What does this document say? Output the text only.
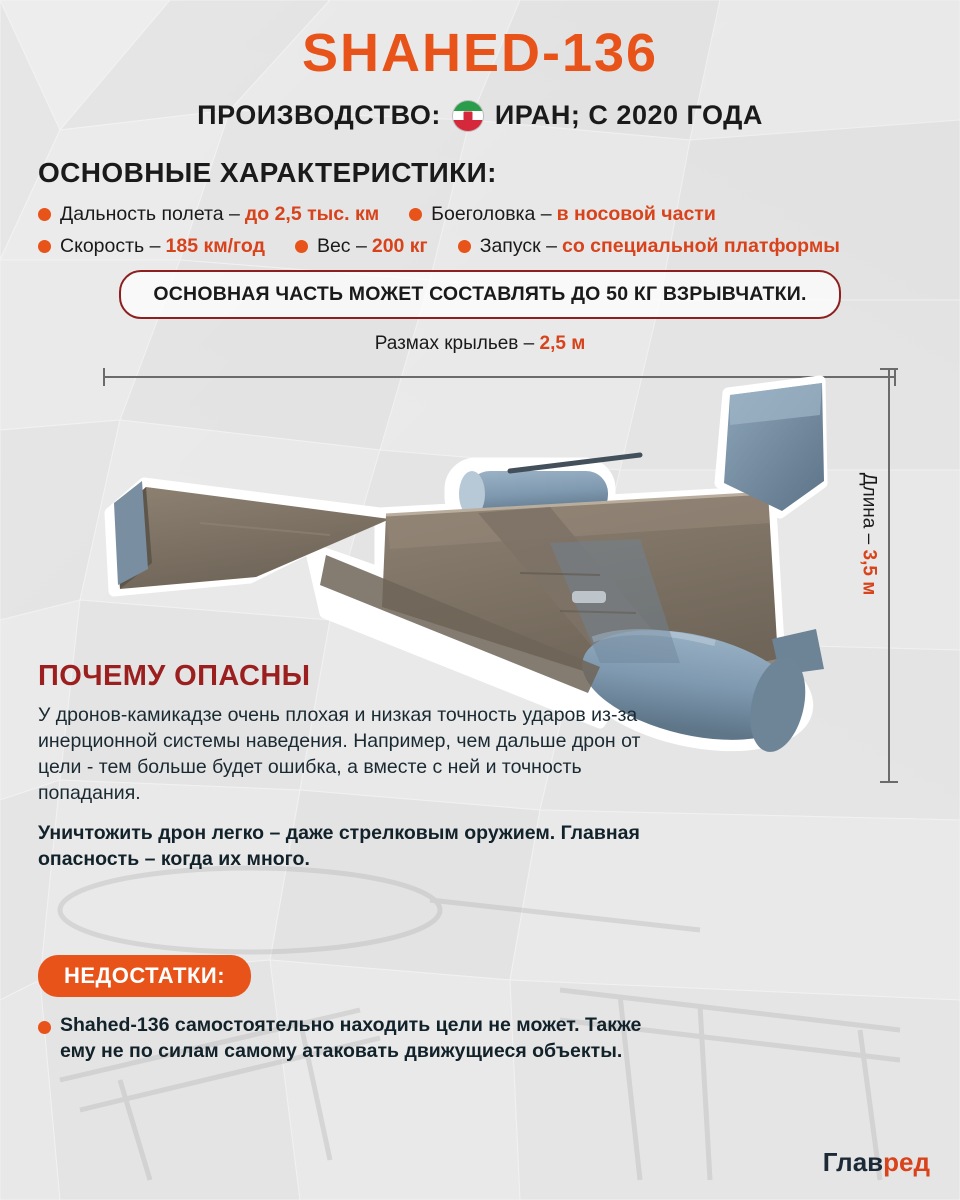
SHAHED-136
ПРОИЗВОДСТВО: ИРАН; С 2020 ГОДА
ОСНОВНЫЕ ХАРАКТЕРИСТИКИ:
Дальность полета
– до 2,5 тыс. км	Боеголовка
– в носовой части
Скорость
– 185 км/год	Вес
– 200 кг	Запуск
– со специальной платформы
ОСНОВНАЯ ЧАСТЬ МОЖЕТ СОСТАВЛЯТЬ ДО 50 КГ ВЗРЫВЧАТКИ.
Размах крыльев – 2,5 м
Длина – 3,5 м
ПОЧЕМУ ОПАСНЫ

У дронов-камикадзе очень плохая и низкая точность ударов из-за инерционной системы наведения. Например, чем дальше дрон от цели - тем больше будет ошибка, а вместе с ней и точность попадания.

Уничтожить дрон легко – даже стрелковым оружием. Главная опасность – когда их много.

НЕДОСТАТКИ:
Shahed-136 самостоятельно находить цели не может. Также ему не по силам самому атаковать движущиеся объекты.
Главред
